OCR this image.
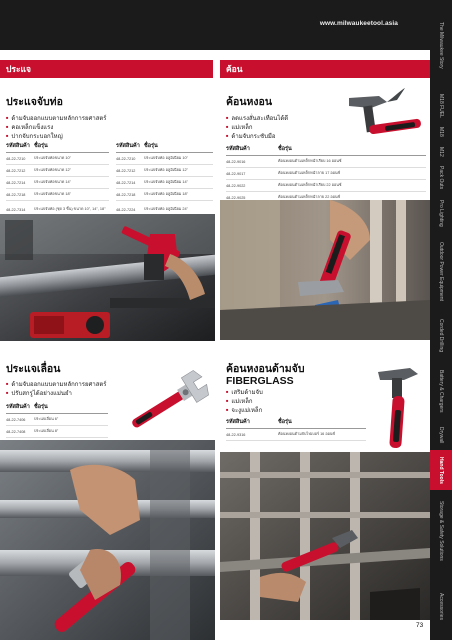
www.milwaukeetool.asia
ประแจ	ค้อน
The Milwaukee Story
M18 FUEL
M18
M12
Pack Outs
Pro Lighting
Outdoor Power Equipment
Corded Drilling
Battery & Chargers
Drywall
Hand Tools
Storage & Safety Solutions
Accessories
ประแจจับท่อ
■ ด้ามจับออกแบบตามหลักการยศาสตร์
■ คอเหล็กแข็งแรง
■ ปากจับกระบอกใหญ่
รหัสสินค้า ชื่อรุ่น
48-22-7210	ประแจจับท่อขนาด 10"
48-22-7212	ประแจจับท่อขนาด 12"
48-22-7214	ประแจจับท่อขนาด 14"
48-22-7218	ประแจจับท่อขนาด 18"
48-22-7314	ประแจจับท่อ (ชุด 3 ชิ้น) ขนาด 10", 14", 18"
รหัสสินค้า ชื่อรุ่น
48-22-7210	ประแจจับท่อ อลูมิเนียม 10"
48-22-7212	ประแจจับท่อ อลูมิเนียม 12"
48-22-7214	ประแจจับท่อ อลูมิเนียม 14"
48-22-7218	ประแจจับท่อ อลูมิเนียม 18"
48-22-7224	ประแจจับท่อ อลูมิเนียม 24"
ประแจเลื่อน
■ ด้ามจับออกแบบตามหลักการยศาสตร์
■ ปรับสกรูได้อย่างแม่นยำ
รหัสสินค้า ชื่อรุ่น
48-22-7406	ประแจเลื่อน 6"
48-22-7408	ประแจเลื่อน 8"
ค้อนหงอน
■ ลดแรงสั่นสะเทือนได้ดี
■ แม่เหล็ก
■ ด้ามจับกระชับมือ
รหัสสินค้า	ชื่อรุ่น
48-22-9016	ค้อนหงอนด้ามเหล็กหน้าเรียบ 16 ออนซ์
48-22-9017	ค้อนหงอนด้ามเหล็กหน้าลาย 17 ออนซ์
48-22-9022	ค้อนหงอนด้ามเหล็กหน้าเรียบ 22 ออนซ์
48-22-9025	ค้อนหงอนด้ามเหล็กหน้าลาย 22 ออนซ์
ค้อนหงอนด้ามจับ FIBERGLASS
■ เสริมด้ามจับ
■ แม่เหล็ก
■ จะงูแม่เหล็ก
รหัสสินค้า	ชื่อรุ่น
48-22-9316	ค้อนหงอนด้ามจับไฟเบอร์ 16 ออนซ์
73
